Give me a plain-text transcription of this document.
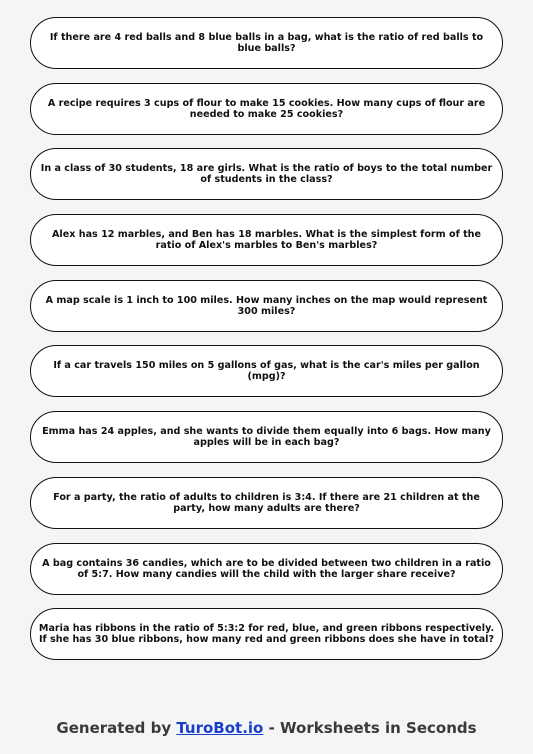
If there are 4 red balls and 8 blue balls in a bag, what is the ratio of red balls to blue balls?
A recipe requires 3 cups of flour to make 15 cookies. How many cups of flour are needed to make 25 cookies?
In a class of 30 students, 18 are girls. What is the ratio of boys to the total number of students in the class?
Alex has 12 marbles, and Ben has 18 marbles. What is the simplest form of the ratio of Alex's marbles to Ben's marbles?
A map scale is 1 inch to 100 miles. How many inches on the map would represent 300 miles?
If a car travels 150 miles on 5 gallons of gas, what is the car's miles per gallon (mpg)?
Emma has 24 apples, and she wants to divide them equally into 6 bags. How many apples will be in each bag?
For a party, the ratio of adults to children is 3:4. If there are 21 children at the party, how many adults are there?
A bag contains 36 candies, which are to be divided between two children in a ratio of 5:7. How many candies will the child with the larger share receive?
Maria has ribbons in the ratio of 5:3:2 for red, blue, and green ribbons respectively. If she has 30 blue ribbons, how many red and green ribbons does she have in total?
Generated by TuroBot.io - Worksheets in Seconds
